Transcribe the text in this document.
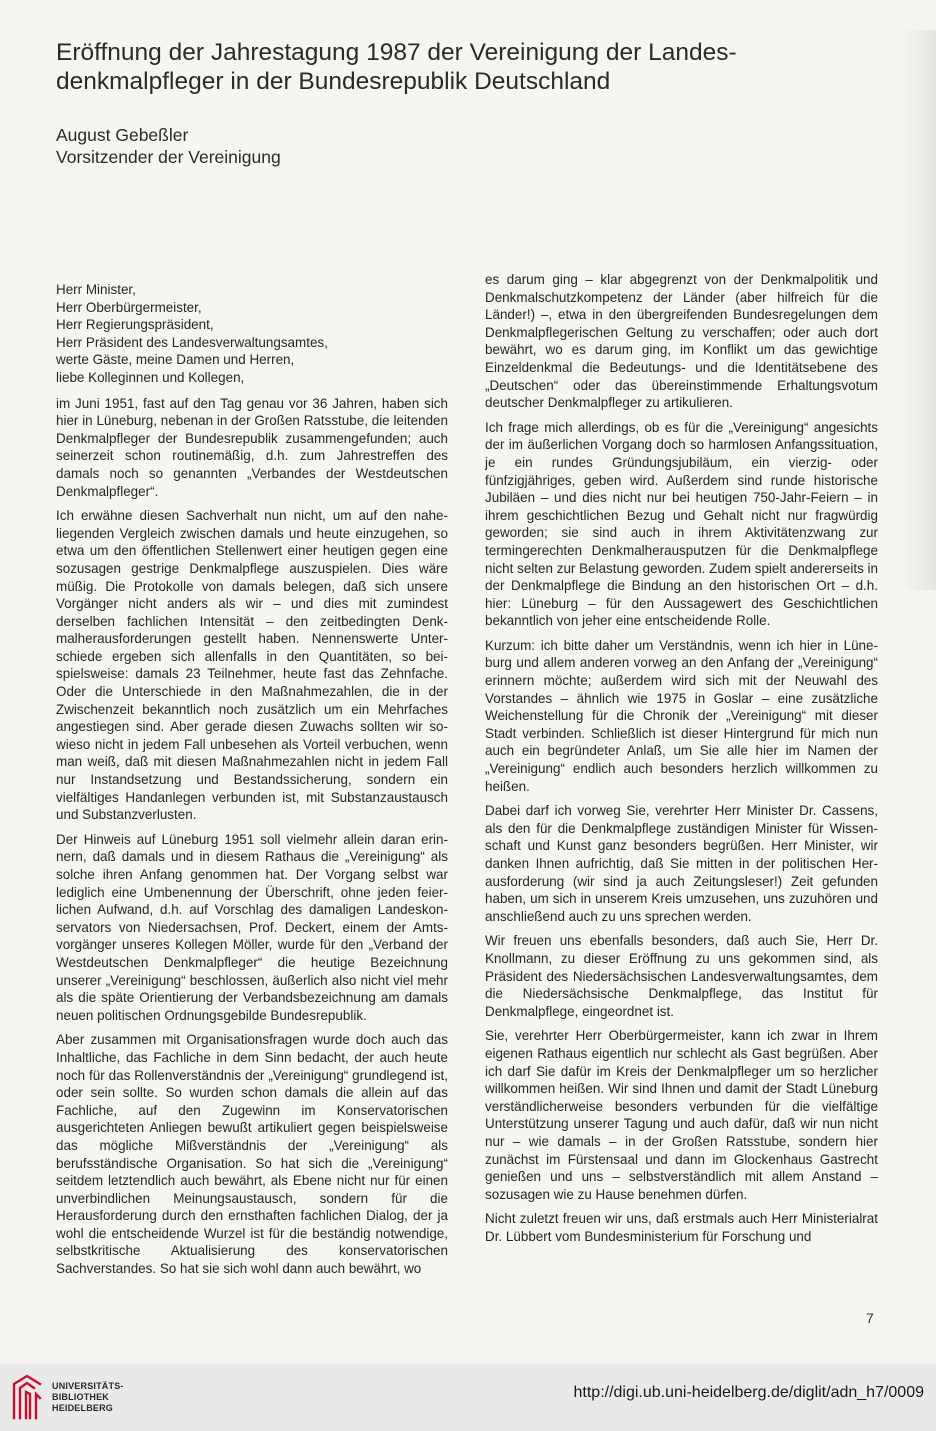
Eröffnung der Jahrestagung 1987 der Vereinigung der Landes-
denkmalpfleger in der Bundesrepublik Deutschland
August Gebeßler
Vorsitzender der Vereinigung

Herr Minister,
Herr Oberbürgermeister,
Herr Regierungspräsident,
Herr Präsident des Landesverwaltungsamtes,
werte Gäste, meine Damen und Herren,
liebe Kolleginnen und Kollegen,

im Juni 1951, fast auf den Tag genau vor 36 Jahren, haben sich hier in Lüneburg, nebenan in der Großen Ratsstube, die leitenden Denkmalpfleger der Bundesrepublik zusammengefunden; auch seinerzeit schon routinemäßig, d.h. zum Jahrestreffen des damals noch so genannten „Verbandes der Westdeutschen Denkmalpfleger“.

Ich erwähne diesen Sachverhalt nun nicht, um auf den naheliegenden Vergleich zwischen damals und heute einzugehen, so etwa um den öffentlichen Stellenwert einer heutigen gegen eine sozusagen gestrige Denkmalpflege auszuspielen. Dies wäre müßig. Die Protokolle von damals belegen, daß sich unsere Vorgänger nicht anders als wir – und dies mit zumindest derselben fachlichen Intensität – den zeitbedingten Denkmalherausforderungen gestellt haben. Nennenswerte Unterschiede ergeben sich allenfalls in den Quantitäten, so beispielsweise: damals 23 Teilnehmer, heute fast das Zehnfache. Oder die Unterschiede in den Maßnahmezahlen, die in der Zwischenzeit bekanntlich noch zusätzlich um ein Mehrfaches angestiegen sind. Aber gerade diesen Zuwachs sollten wir sowieso nicht in jedem Fall unbesehen als Vorteil verbuchen, wenn man weiß, daß mit diesen Maßnahmezahlen nicht in jedem Fall nur Instandsetzung und Bestandssicherung, sondern ein vielfältiges Handanlegen verbunden ist, mit Substanzaustausch und Substanzverlusten.

Der Hinweis auf Lüneburg 1951 soll vielmehr allein daran erinnern, daß damals und in diesem Rathaus die „Vereinigung“ als solche ihren Anfang genommen hat. Der Vorgang selbst war lediglich eine Umbenennung der Überschrift, ohne jeden feierlichen Aufwand, d.h. auf Vorschlag des damaligen Landeskonservators von Niedersachsen, Prof. Deckert, einem der Amtsvorgänger unseres Kollegen Möller, wurde für den „Verband der Westdeutschen Denkmalpfleger“ die heutige Bezeichnung unserer „Vereinigung“ beschlossen, äußerlich also nicht viel mehr als die späte Orientierung der Verbandsbezeichnung am damals neuen politischen Ordnungsgebilde Bundesrepublik.

Aber zusammen mit Organisationsfragen wurde doch auch das Inhaltliche, das Fachliche in dem Sinn bedacht, der auch heute noch für das Rollenverständnis der „Vereinigung“ grundlegend ist, oder sein sollte. So wurden schon damals die allein auf das Fachliche, auf den Zugewinn im Konservatorischen ausgerichteten Anliegen bewußt artikuliert gegen beispielsweise das mögliche Mißverständnis der „Vereinigung“ als berufsständische Organisation. So hat sich die „Vereinigung“ seitdem letztendlich auch bewährt, als Ebene nicht nur für einen unverbindlichen Meinungsaustausch, sondern für die Herausforderung durch den ernsthaften fachlichen Dialog, der ja wohl die entscheidende Wurzel ist für die beständig notwendige, selbstkritische Aktualisierung des konservatorischen Sachverstandes. So hat sie sich wohl dann auch bewährt, wo

es darum ging – klar abgegrenzt von der Denkmalpolitik und Denkmalschutzkompetenz der Länder (aber hilfreich für die Länder!) –, etwa in den übergreifenden Bundesregelungen dem Denkmalpflegerischen Geltung zu verschaffen; oder auch dort bewährt, wo es darum ging, im Konflikt um das gewichtige Einzeldenkmal die Bedeutungs- und die Identitätsebene des „Deutschen“ oder das übereinstimmende Erhaltungsvotum deutscher Denkmalpfleger zu artikulieren.

Ich frage mich allerdings, ob es für die „Vereinigung“ angesichts der im äußerlichen Vorgang doch so harmlosen Anfangssituation, je ein rundes Gründungsjubiläum, ein vierzig- oder fünfzigjähriges, geben wird. Außerdem sind runde historische Jubiläen – und dies nicht nur bei heutigen 750-Jahr-Feiern – in ihrem geschichtlichen Bezug und Gehalt nicht nur fragwürdig geworden; sie sind auch in ihrem Aktivitätenzwang zur termingerechten Denkmalherausputzen für die Denkmalpflege nicht selten zur Belastung geworden. Zudem spielt andererseits in der Denkmalpflege die Bindung an den historischen Ort – d.h. hier: Lüneburg – für den Aussagewert des Geschichtlichen bekanntlich von jeher eine entscheidende Rolle.

Kurzum: ich bitte daher um Verständnis, wenn ich hier in Lüneburg und allem anderen vorweg an den Anfang der „Vereinigung“ erinnern möchte; außerdem wird sich mit der Neuwahl des Vorstandes – ähnlich wie 1975 in Goslar – eine zusätzliche Weichenstellung für die Chronik der „Vereinigung“ mit dieser Stadt verbinden. Schließlich ist dieser Hintergrund für mich nun auch ein begründeter Anlaß, um Sie alle hier im Namen der „Vereinigung“ endlich auch besonders herzlich willkommen zu heißen.

Dabei darf ich vorweg Sie, verehrter Herr Minister Dr. Cassens, als den für die Denkmalpflege zuständigen Minister für Wissenschaft und Kunst ganz besonders begrüßen. Herr Minister, wir danken Ihnen aufrichtig, daß Sie mitten in der politischen Herausforderung (wir sind ja auch Zeitungsleser!) Zeit gefunden haben, um sich in unserem Kreis umzusehen, uns zuzuhören und anschließend auch zu uns sprechen werden.

Wir freuen uns ebenfalls besonders, daß auch Sie, Herr Dr. Knollmann, zu dieser Eröffnung zu uns gekommen sind, als Präsident des Niedersächsischen Landesverwaltungsamtes, dem die Niedersächsische Denkmalpflege, das Institut für Denkmalpflege, eingeordnet ist.

Sie, verehrter Herr Oberbürgermeister, kann ich zwar in Ihrem eigenen Rathaus eigentlich nur schlecht als Gast begrüßen. Aber ich darf Sie dafür im Kreis der Denkmalpfleger um so herzlicher willkommen heißen. Wir sind Ihnen und damit der Stadt Lüneburg verständlicherweise besonders verbunden für die vielfältige Unterstützung unserer Tagung und auch dafür, daß wir nun nicht nur – wie damals – in der Großen Ratsstube, sondern hier zunächst im Fürstensaal und dann im Glockenhaus Gastrecht genießen und uns – selbstverständlich mit allem Anstand – sozusagen wie zu Hause benehmen dürfen.

Nicht zuletzt freuen wir uns, daß erstmals auch Herr Ministerialrat Dr. Lübbert vom Bundesministerium für Forschung und

7
UNIVERSITÄTS-
BIBLIOTHEK
HEIDELBERG
http://digi.ub.uni-heidelberg.de/diglit/adn_h7/0009
